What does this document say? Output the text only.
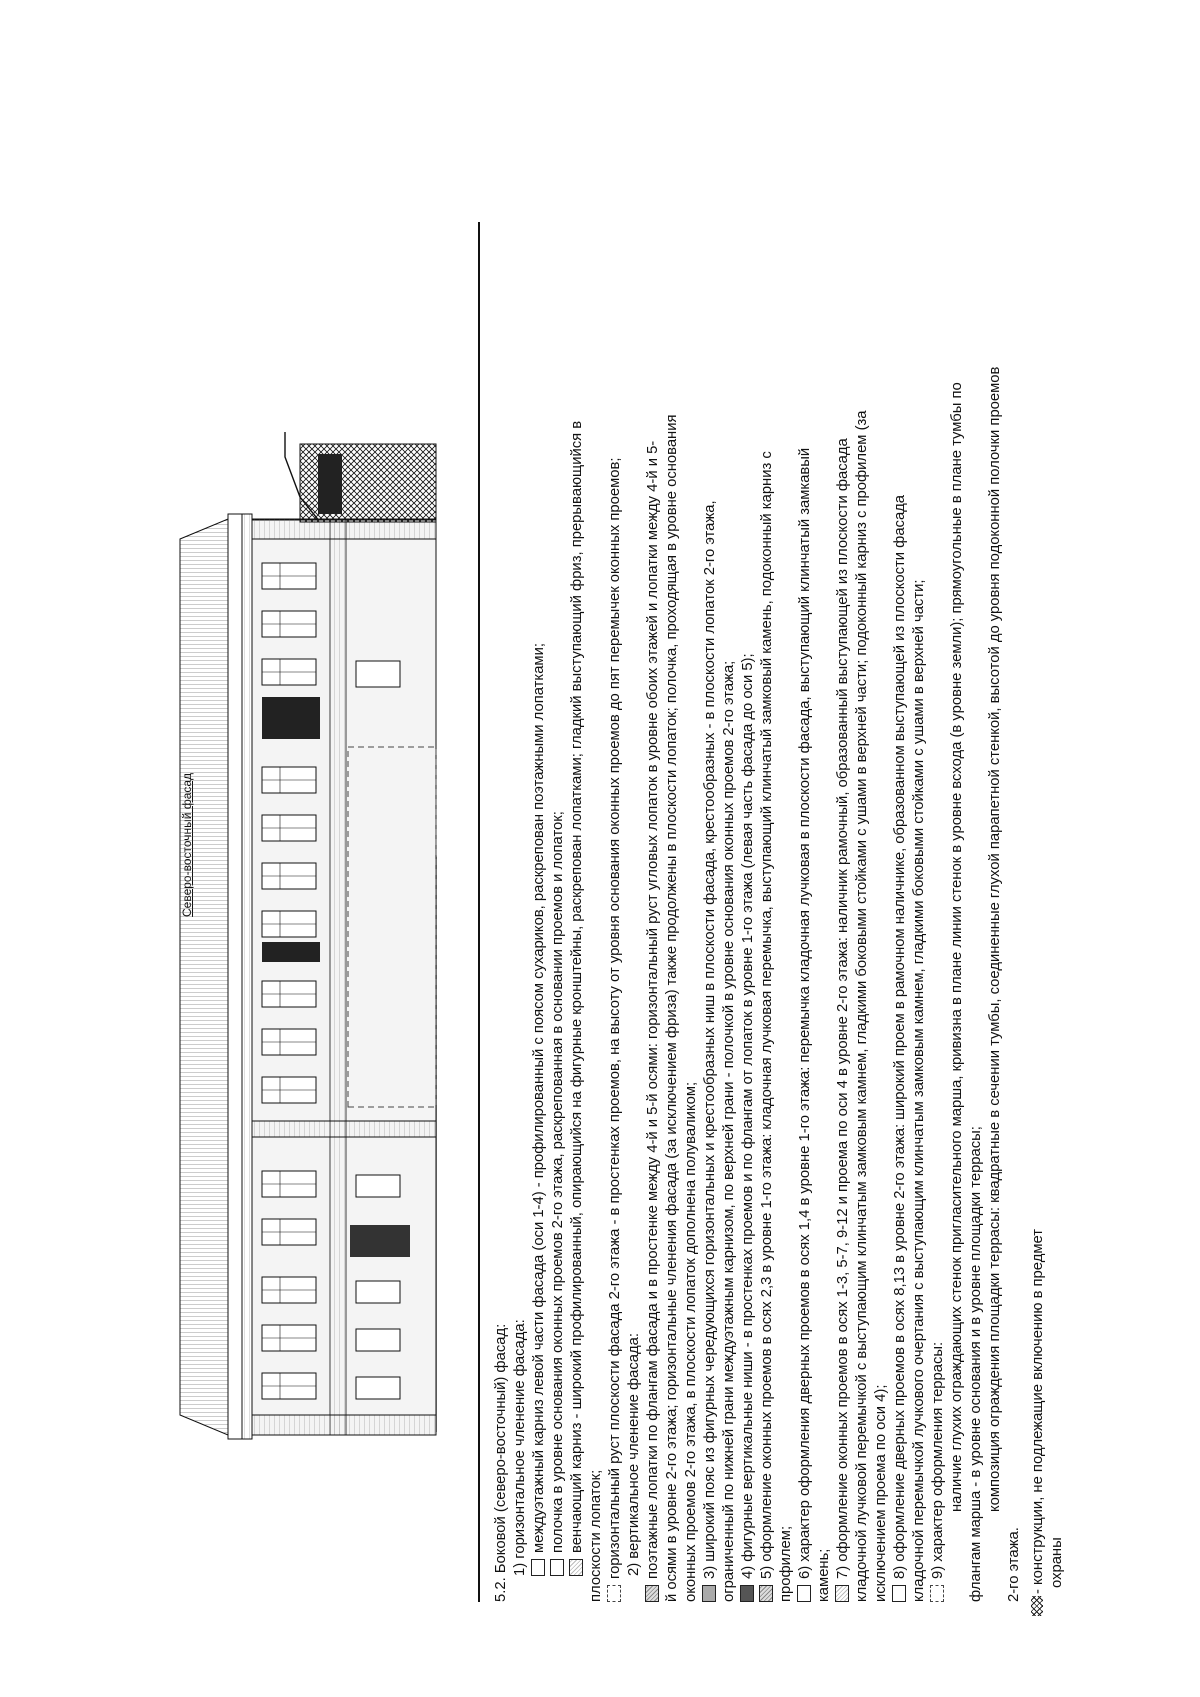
5.2. Боковой (северо-восточный) фасад: 1) горизонтальное членение фасада: междуэтажный карниз левой части фасада (оси 1-4) - профилированный с поясом сухариков, раскрепован поэтажными лопатками; полочка в уровне основания оконных проемов 2-го этажа, раскрепованная в основании проемов и лопаток; венчающий карниз - широкий профилированный, опирающийся на фигурные кронштейны, раскрепован лопатками; гладкий выступающий фриз, прерывающийся в плоскости лопаток; горизонтальный руст плоскости фасада 2-го этажа - в простенках проемов, на высоту от уровня основания оконных проемов до пят перемычек оконных проемов; 2) вертикальное членение фасада: поэтажные лопатки по флангам фасада и в простенке между 4-й и 5-й осями: горизонтальный руст угловых лопаток в уровне обоих этажей и лопатки между 4-й и 5- й осями в уровне 2-го этажа; горизонтальные членения фасада (за исключением фриза) также продолжены в плоскости лопаток; полочка, проходящая в уровне основания оконных проемов 2-го этажа, в плоскости лопаток дополнена полуваликом; 3) широкий пояс из фигурных чередующихся горизонтальных и крестообразных ниш в плоскости фасада, крестообразных - в плоскости лопаток 2-го этажа, ограниченный по нижней грани междуэтажным карнизом, по верхней грани - полочкой в уровне основания оконных проемов 2-го этажа; 4) фигурные вертикальные ниши - в простенках проемов и по флангам от лопаток в уровне 1-го этажа (левая часть фасада до оси 5); 5) оформление оконных проемов в осях 2,3 в уровне 1-го этажа: кладочная лучковая перемычка, выступающий клинчатый замковый камень, подоконный карниз с профилем; 6) характер оформления дверных проемов в осях 1,4 в уровне 1-го этажа: перемычка кладочная лучковая в плоскости фасада, выступающий клинчатый замкавый камень; 7) оформление оконных проемов в осях 1-3, 5-7, 9-12 и проема по оси 4 в уровне 2-го этажа: наличник рамочный, образованный выступающей из плоскости фасада кладочной лучковой перемычкой с выступающим клинчатым замковым камнем, гладкими боковыми стойками с ушами в верхней части; подоконный карниз с профилем (за исключением проема по оси 4); 8) оформление дверных проемов в осях 8,13 в уровне 2-го этажа: широкий проем в рамочном наличнике, образованном выступающей из плоскости фасада кладочной перемычкой лучкового очертания с выступающим клинчатым замковым камнем, гладкими боковыми стойками с ушами в верхней части; 9) характер оформления террасы: наличие глухих ограждающих стенок пригласительного марша, кривизна в плане линии стенок в уровне всхода (в уровне земли); прямоугольные в плане тумбы по флангам марша - в уровне основания и в уровне площадки террасы; композиция ограждения площадки террасы: квадратные в сечении тумбы, соединенные глухой парапетной стенкой, высотой до уровня подоконной полочки проемов
2-го этажа. - конструкции, не подлежащие включению в предмет охраны
